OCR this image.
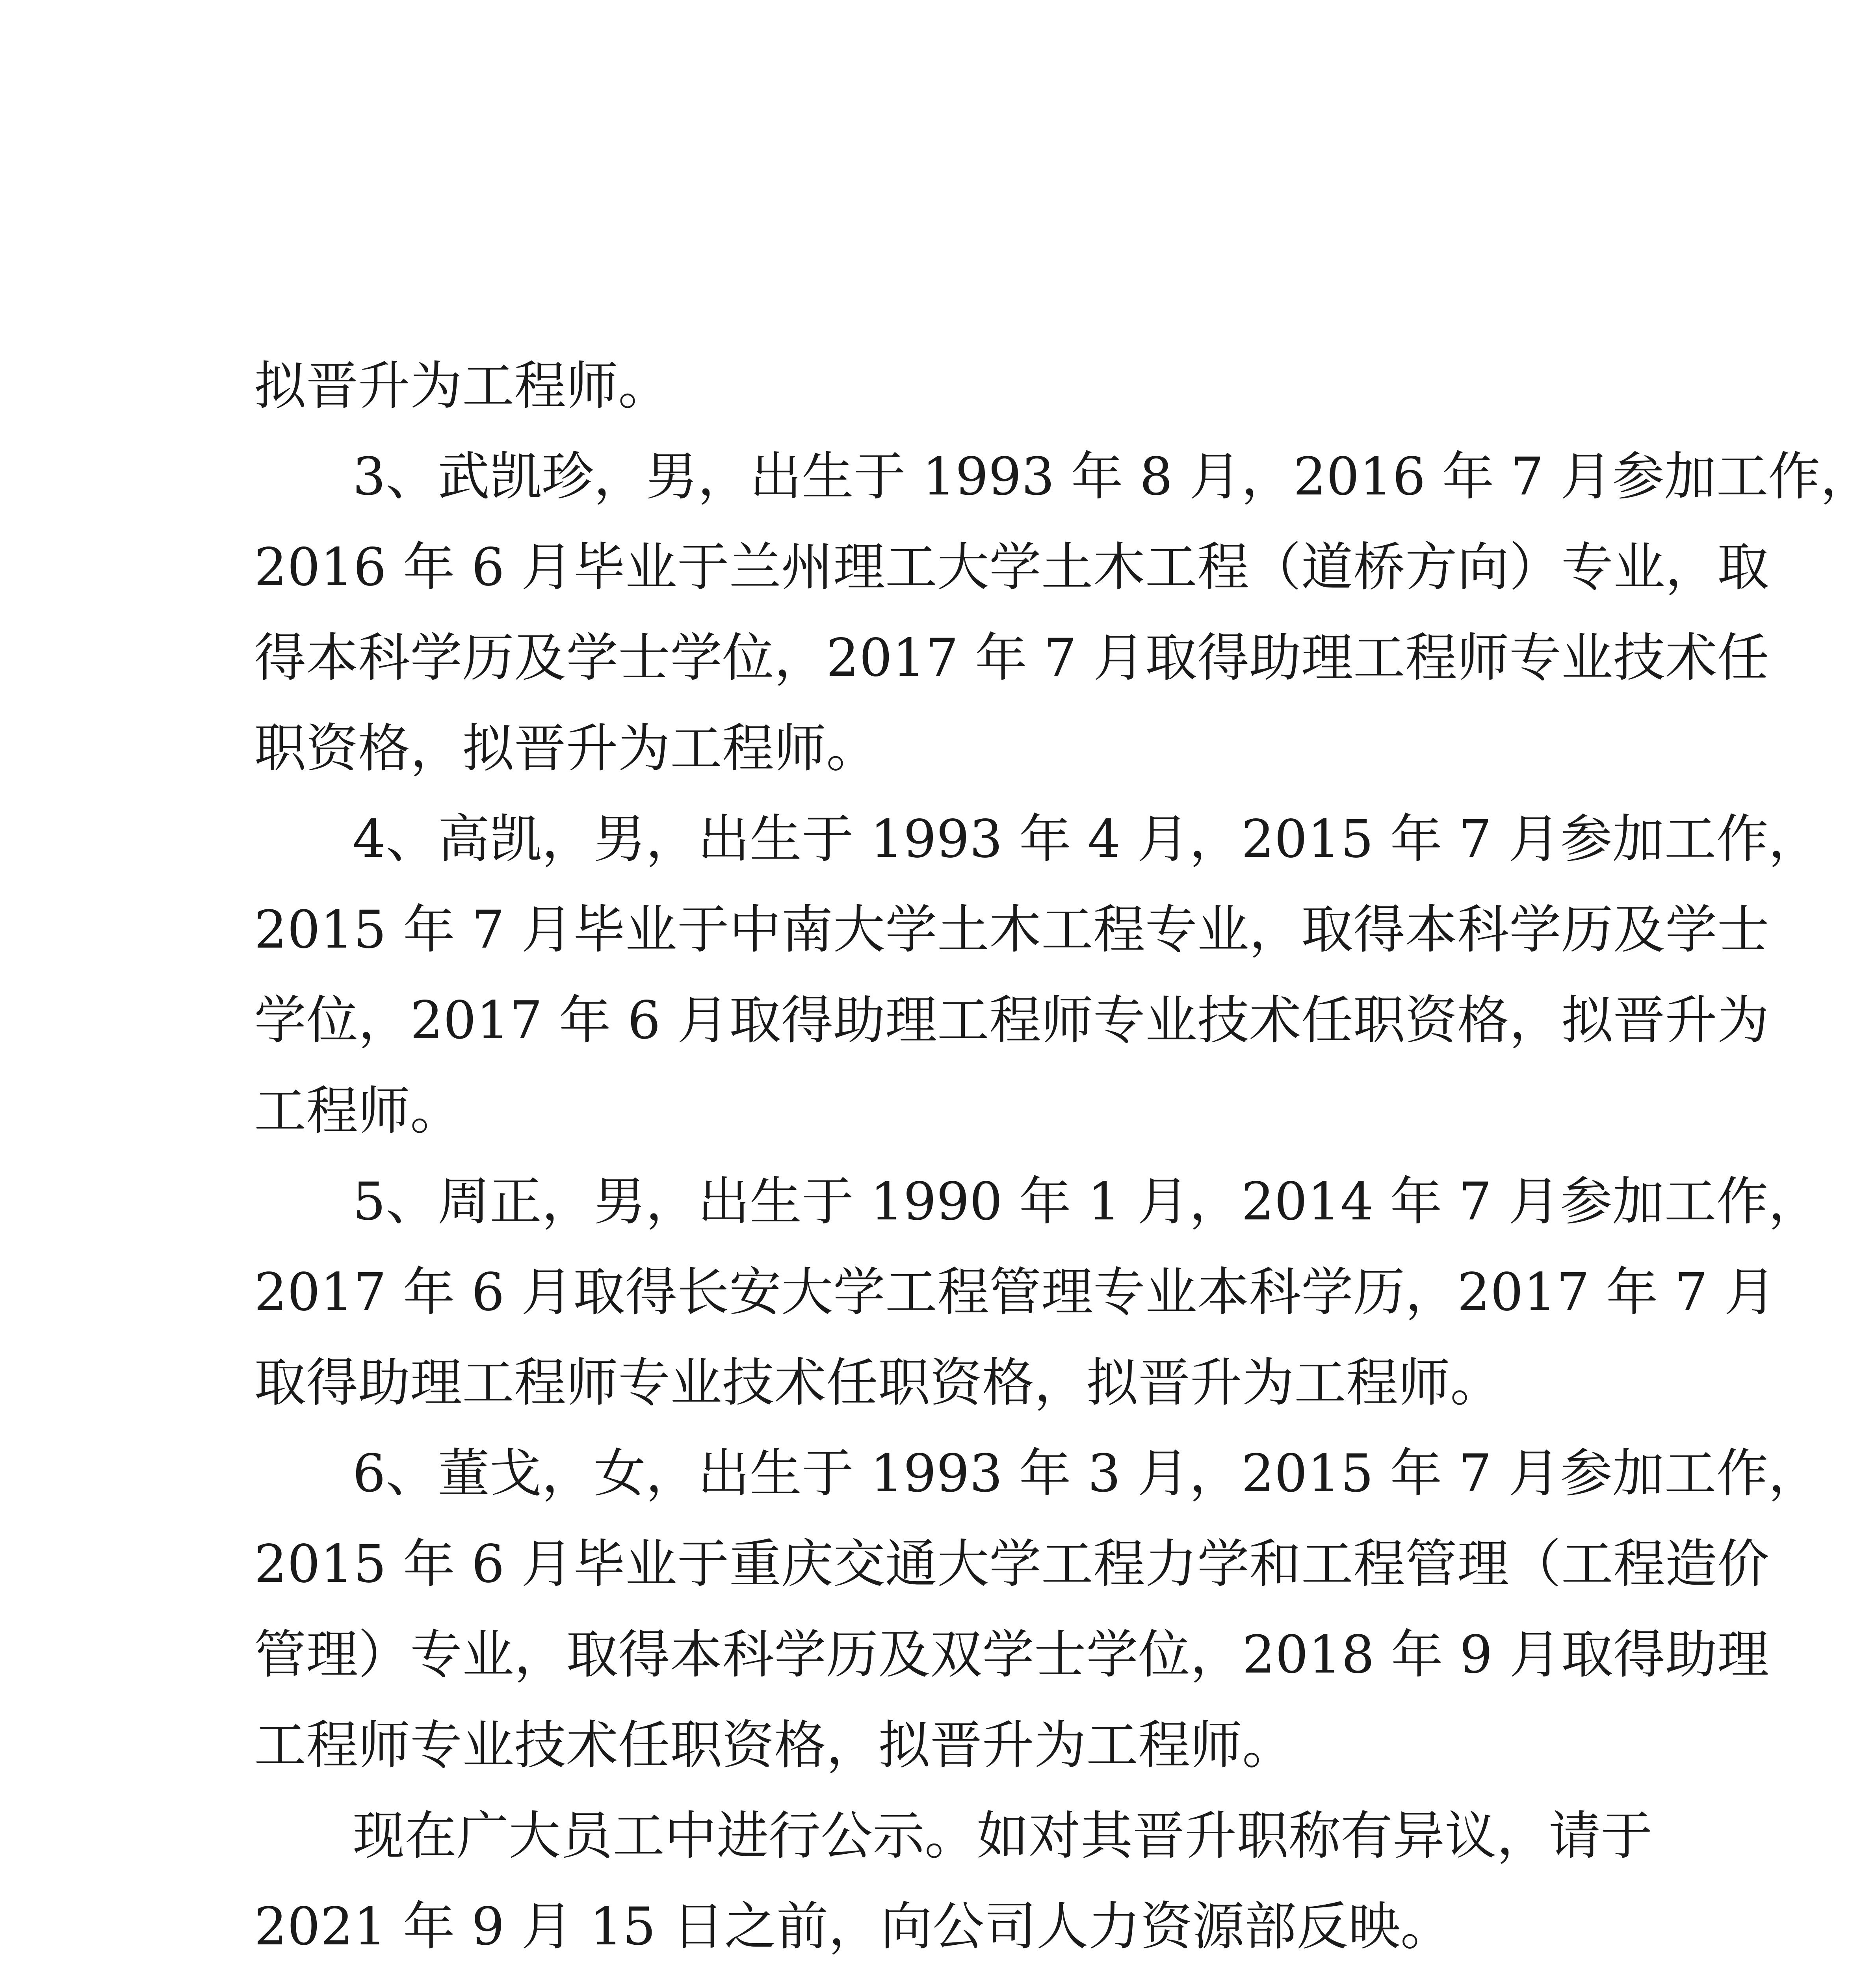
拟晋升为工程师。
3、武凯珍，男，出生于 1993 年 8 月，2016 年 7 月参加工作，
2016 年 6 月毕业于兰州理工大学土木工程（道桥方向）专业，取
得本科学历及学士学位，2017 年 7 月取得助理工程师专业技术任
职资格，拟晋升为工程师。
4、高凯，男，出生于 1993 年 4 月，2015 年 7 月参加工作，
2015 年 7 月毕业于中南大学土木工程专业，取得本科学历及学士
学位，2017 年 6 月取得助理工程师专业技术任职资格，拟晋升为
工程师。
5、周正，男，出生于 1990 年 1 月，2014 年 7 月参加工作，
2017 年 6 月取得长安大学工程管理专业本科学历，2017 年 7 月
取得助理工程师专业技术任职资格，拟晋升为工程师。
6、董戈，女，出生于 1993 年 3 月，2015 年 7 月参加工作，
2015 年 6 月毕业于重庆交通大学工程力学和工程管理（工程造价
管理）专业，取得本科学历及双学士学位，2018 年 9 月取得助理
工程师专业技术任职资格，拟晋升为工程师。
现在广大员工中进行公示。如对其晋升职称有异议，请于
2021 年 9 月 15 日之前，向公司人力资源部反映。
